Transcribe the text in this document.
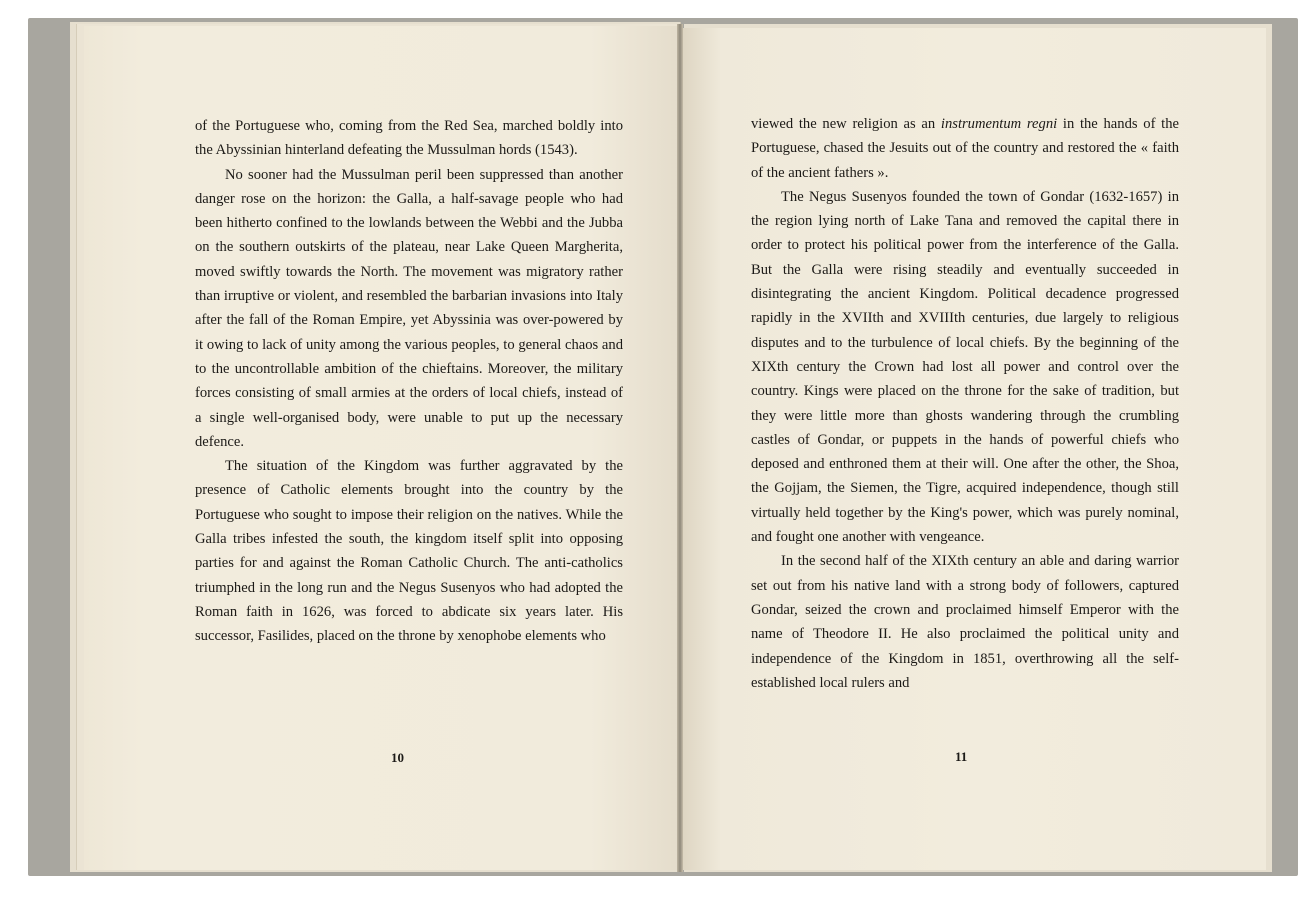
of the Portuguese who, coming from the Red Sea, marched boldly into the Abyssinian hinterland defeating the Mussulman hords (1543).

No sooner had the Mussulman peril been suppressed than another danger rose on the horizon: the Galla, a half-savage people who had been hitherto confined to the lowlands between the Webbi and the Jubba on the southern outskirts of the plateau, near Lake Queen Margherita, moved swiftly towards the North. The movement was migratory rather than irruptive or violent, and resembled the barbarian invasions into Italy after the fall of the Roman Empire, yet Abyssinia was over-powered by it owing to lack of unity among the various peoples, to general chaos and to the uncontrollable ambition of the chieftains. Moreover, the military forces consisting of small armies at the orders of local chiefs, instead of a single well-organised body, were unable to put up the necessary defence.

The situation of the Kingdom was further aggravated by the presence of Catholic elements brought into the country by the Portuguese who sought to impose their religion on the natives. While the Galla tribes infested the south, the kingdom itself split into opposing parties for and against the Roman Catholic Church. The anti-catholics triumphed in the long run and the Negus Susenyos who had adopted the Roman faith in 1626, was forced to abdicate six years later. His successor, Fasilides, placed on the throne by xenophobe elements who

viewed the new religion as an instrumentum regni in the hands of the Portuguese, chased the Jesuits out of the country and restored the « faith of the ancient fathers ».

The Negus Susenyos founded the town of Gondar (1632-1657) in the region lying north of Lake Tana and removed the capital there in order to protect his political power from the interference of the Galla. But the Galla were rising steadily and eventually succeeded in disintegrating the ancient Kingdom. Political decadence progressed rapidly in the XVIIth and XVIIIth centuries, due largely to religious disputes and to the turbulence of local chiefs. By the beginning of the XIXth century the Crown had lost all power and control over the country. Kings were placed on the throne for the sake of tradition, but they were little more than ghosts wandering through the crumbling castles of Gondar, or puppets in the hands of powerful chiefs who deposed and enthroned them at their will. One after the other, the Shoa, the Gojjam, the Siemen, the Tigre, acquired independence, though still virtually held together by the King's power, which was purely nominal, and fought one another with vengeance.

In the second half of the XIXth century an able and daring warrior set out from his native land with a strong body of followers, captured Gondar, seized the crown and proclaimed himself Emperor with the name of Theodore II. He also proclaimed the political unity and independence of the Kingdom in 1851, overthrowing all the self-established local rulers and

10	11
